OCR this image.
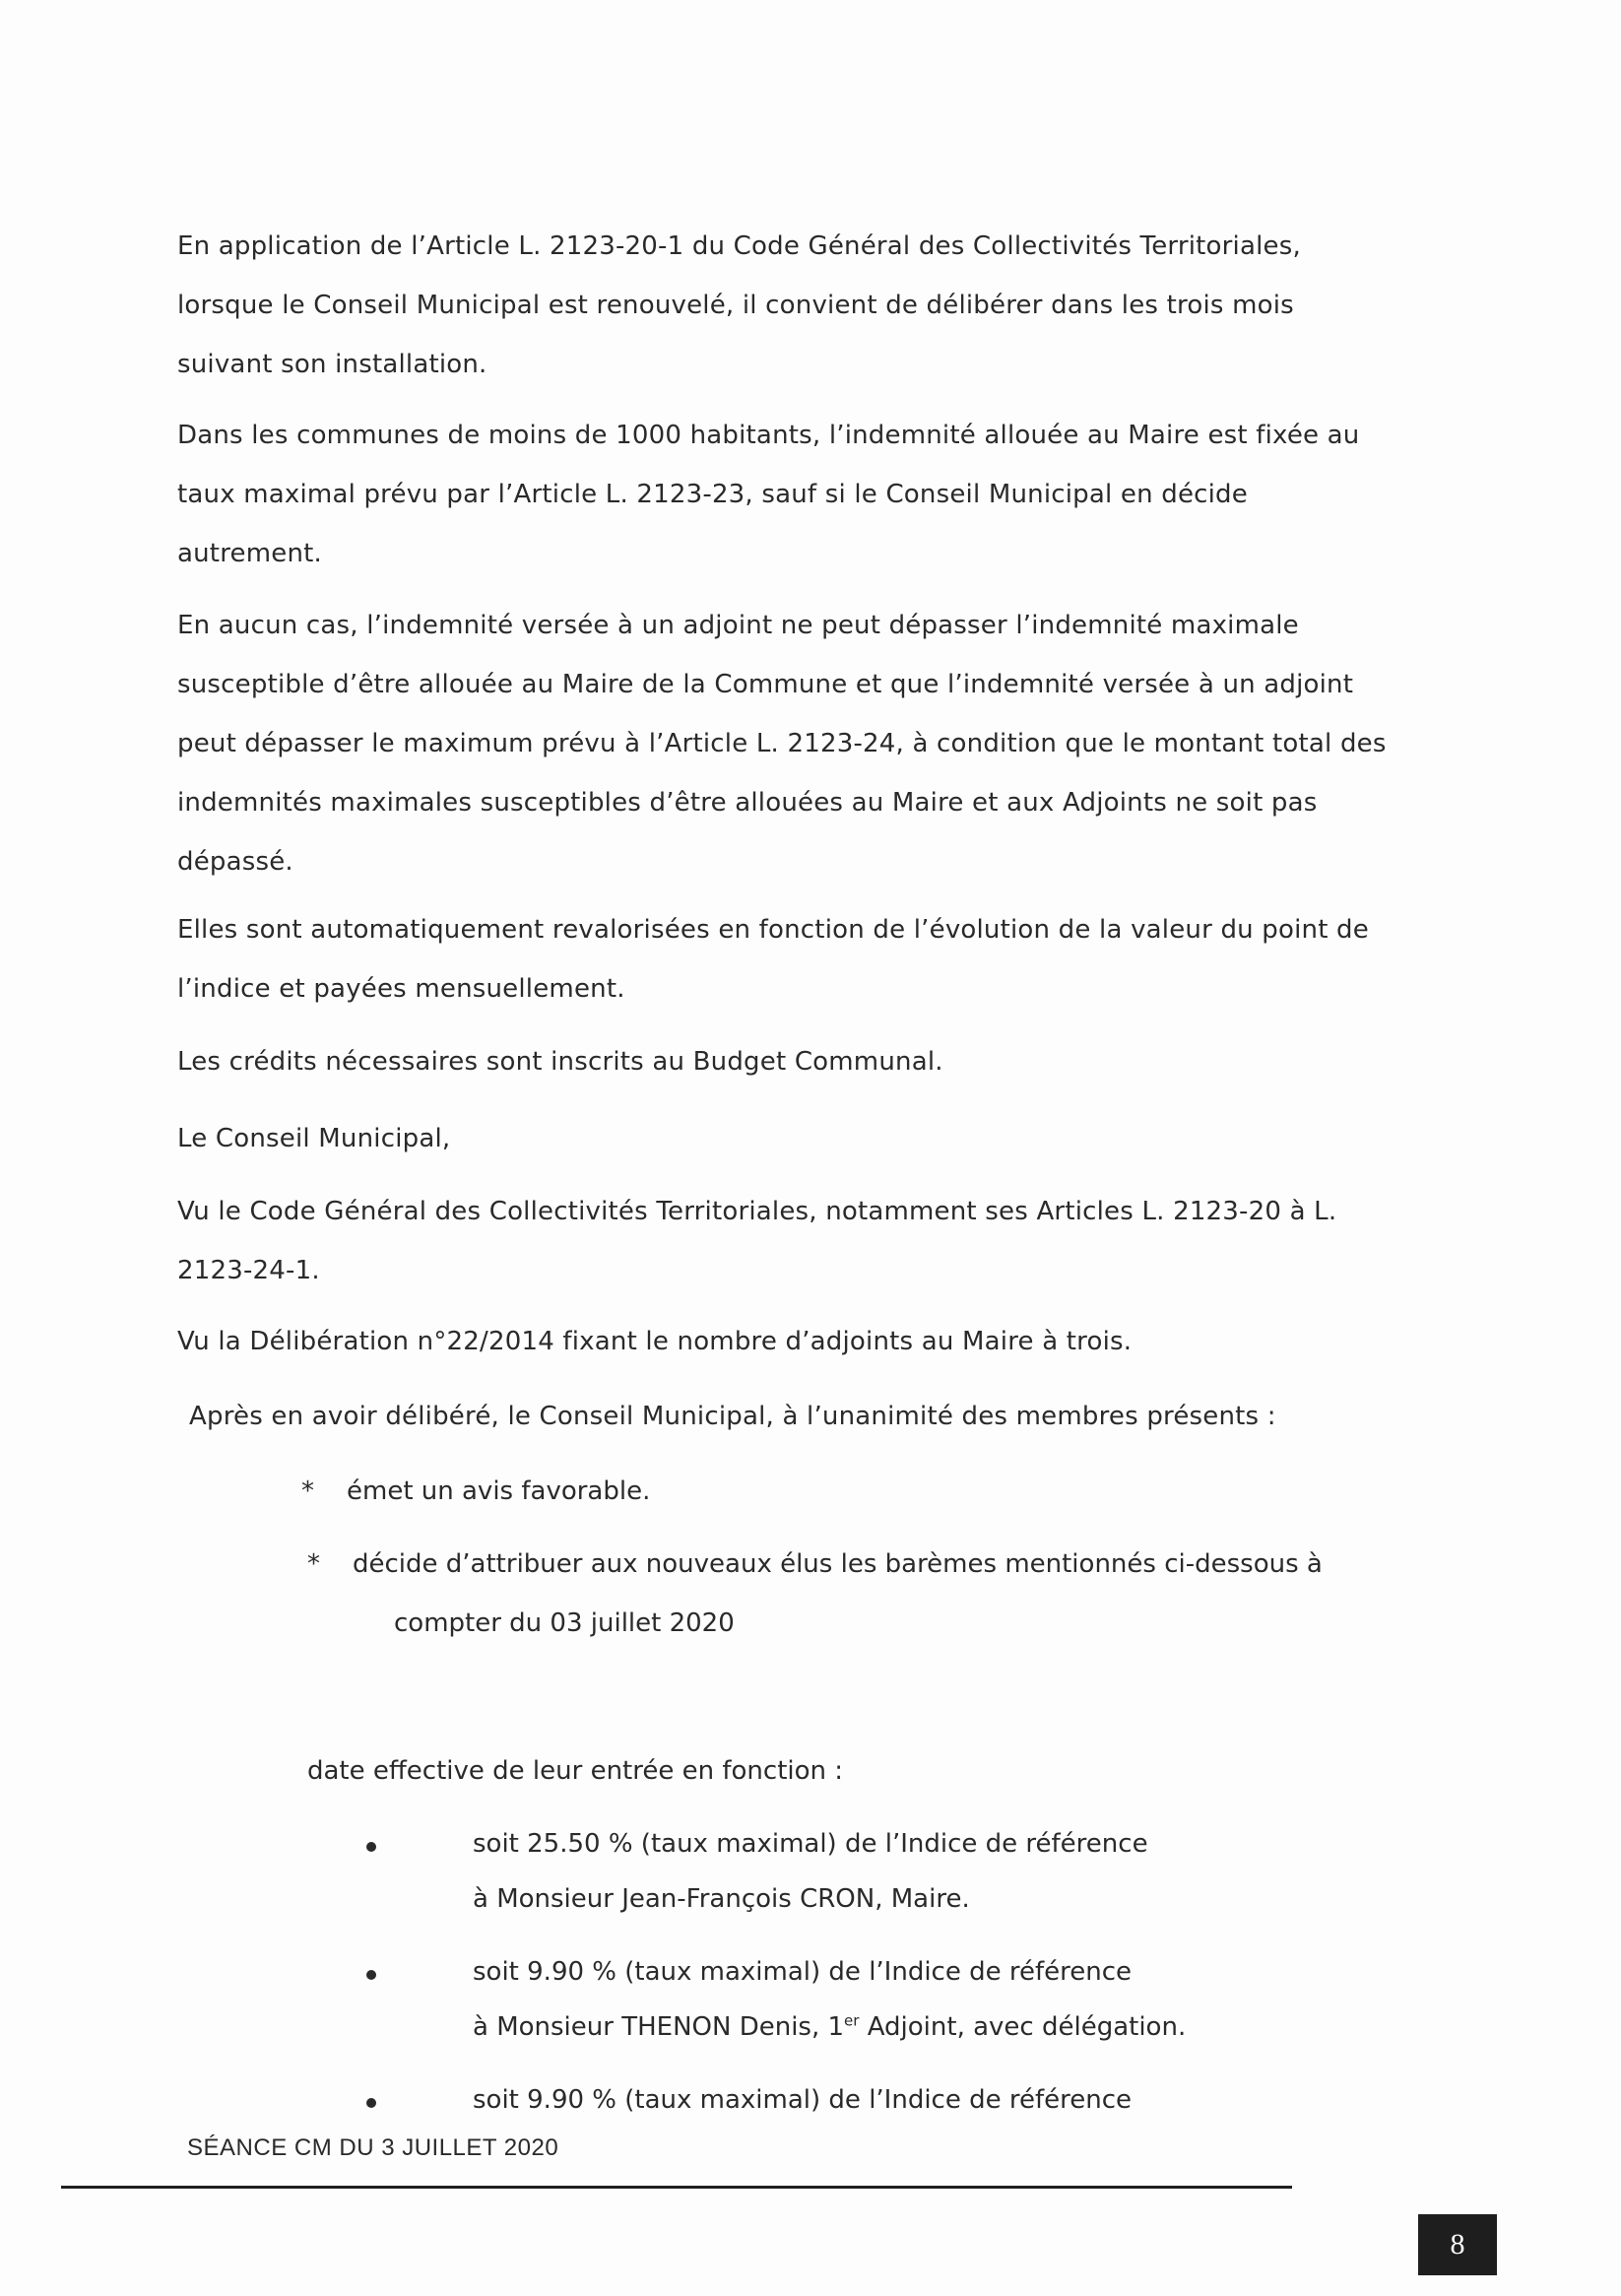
En application de l’Article L. 2123-20-1 du Code Général des Collectivités Territoriales,
lorsque le Conseil Municipal est renouvelé, il convient de délibérer dans les trois mois
suivant son installation.

Dans les communes de moins de 1000 habitants, l’indemnité allouée au Maire est fixée au
taux maximal prévu par l’Article L. 2123-23, sauf si le Conseil Municipal en décide
autrement.

En aucun cas, l’indemnité versée à un adjoint ne peut dépasser l’indemnité maximale
susceptible d’être allouée au Maire de la Commune et que l’indemnité versée à un adjoint
peut dépasser le maximum prévu à l’Article L. 2123-24, à condition que le montant total des
indemnités maximales susceptibles d’être allouées au Maire et aux Adjoints ne soit pas
dépassé.

Elles sont automatiquement revalorisées en fonction de l’évolution de la valeur du point de
l’indice et payées mensuellement.

Les crédits nécessaires sont inscrits au Budget Communal.

Le Conseil Municipal,

Vu le Code Général des Collectivités Territoriales, notamment ses Articles L. 2123-20 à L.
2123-24-1.

Vu la Délibération n°22/2014 fixant le nombre d’adjoints au Maire à trois.

Après en avoir délibéré, le Conseil Municipal, à l’unanimité des membres présents :

* émet un avis favorable.
* décide d’attribuer aux nouveaux élus les barèmes mentionnés ci-dessous à
compter du 03 juillet 2020
date effective de leur entrée en fonction :
soit 25.50 % (taux maximal) de l’Indice de référence
à Monsieur Jean-François CRON, Maire.
soit 9.90 % (taux maximal) de l’Indice de référence
à Monsieur THENON Denis, 1er Adjoint, avec délégation.
soit 9.90 % (taux maximal) de l’Indice de référence
SÉANCE CM DU 3 JUILLET 2020
8
